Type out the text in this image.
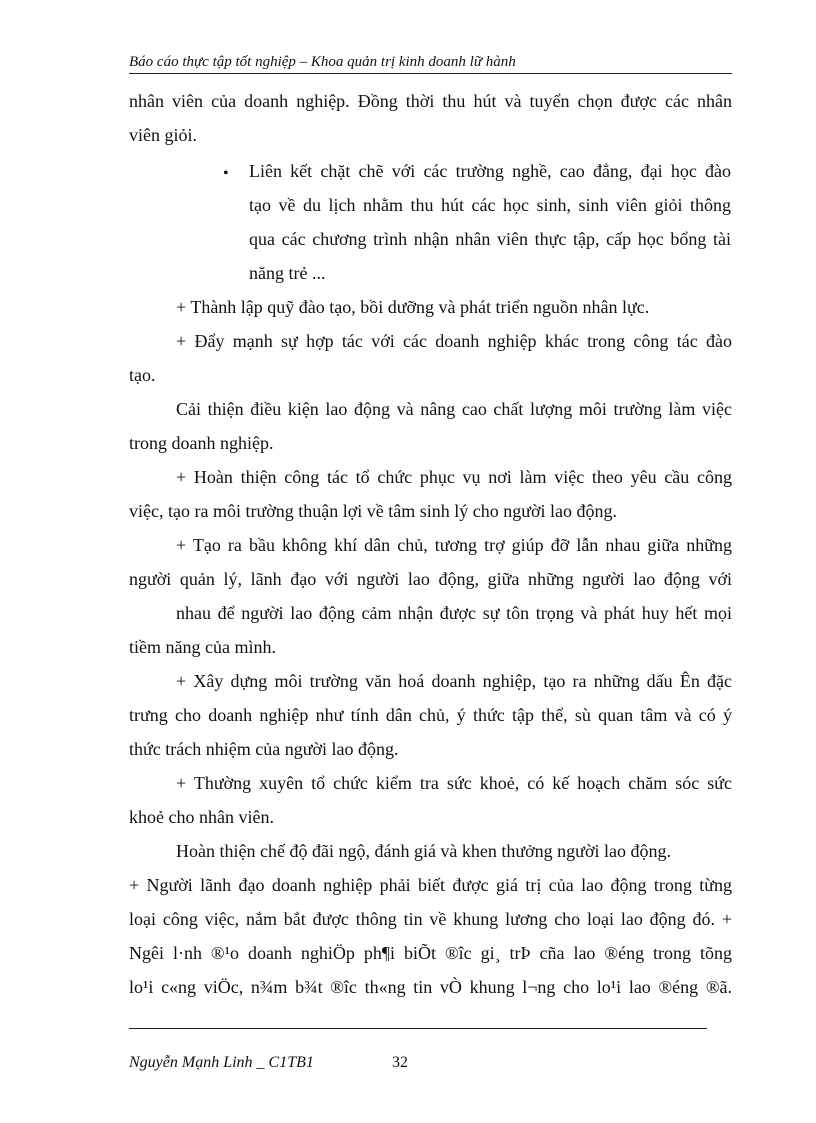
Báo cáo thực tập tốt nghiệp – Khoa quản trị kinh doanh lữ hành
nhân viên của doanh nghiệp. Đồng thời thu hút và tuyển chọn được các nhân
viên giỏi.
• Liên kết chặt chẽ với các trường nghề, cao đẳng, đại học đào
tạo về du lịch nhằm thu hút các học sinh, sinh viên giỏi thông
qua các chương trình nhận nhân viên thực tập, cấp học bổng tài
năng trẻ ...
+ Thành lập quỹ đào tạo, bồi dưỡng và phát triển nguồn nhân lực.
+ Đẩy mạnh sự hợp tác với các doanh nghiệp khác trong công tác đào
tạo.
Cải thiện điều kiện lao động và nâng cao chất lượng môi trường làm việc
trong doanh nghiệp.
+ Hoàn thiện công tác tổ chức phục vụ nơi làm việc theo yêu cầu công
việc, tạo ra môi trường thuận lợi về tâm sinh lý cho người lao động.
+ Tạo ra bầu không khí dân chủ, tương trợ giúp đỡ lẫn nhau giữa những
người quản lý, lãnh đạo với người lao động, giữa những người lao động với
nhau để người lao động cảm nhận được sự tôn trọng và phát huy hết mọi
tiềm năng của mình.
+ Xây dựng môi trường văn hoá doanh nghiệp, tạo ra những dấu Ên đặc
trưng cho doanh nghiệp như tính dân chủ, ý thức tập thể, sù quan tâm và có ý
thức trách nhiệm của người lao động.
+ Thường xuyên tổ chức kiểm tra sức khoẻ, có kế hoạch chăm sóc sức
khoẻ cho nhân viên.
Hoàn thiện chế độ đãi ngộ, đánh giá và khen thưởng người lao động.
+ Người lãnh đạo doanh nghiệp phải biết được giá trị của lao động trong từng
loại công việc, nắm bắt được thông tin về khung lương cho loại lao động đó. +
Ngêi l·nh ®¹o doanh nghiÖp ph¶i biÕt ®îc gi¸ trÞ cña lao ®éng trong tõng
lo¹i c«ng viÖc, n¾m b¾t ®îc th«ng tin vÒ khung l¬ng cho lo¹i lao ®éng ®ã.
Nguyễn Mạnh Linh _ C1TB1	32
